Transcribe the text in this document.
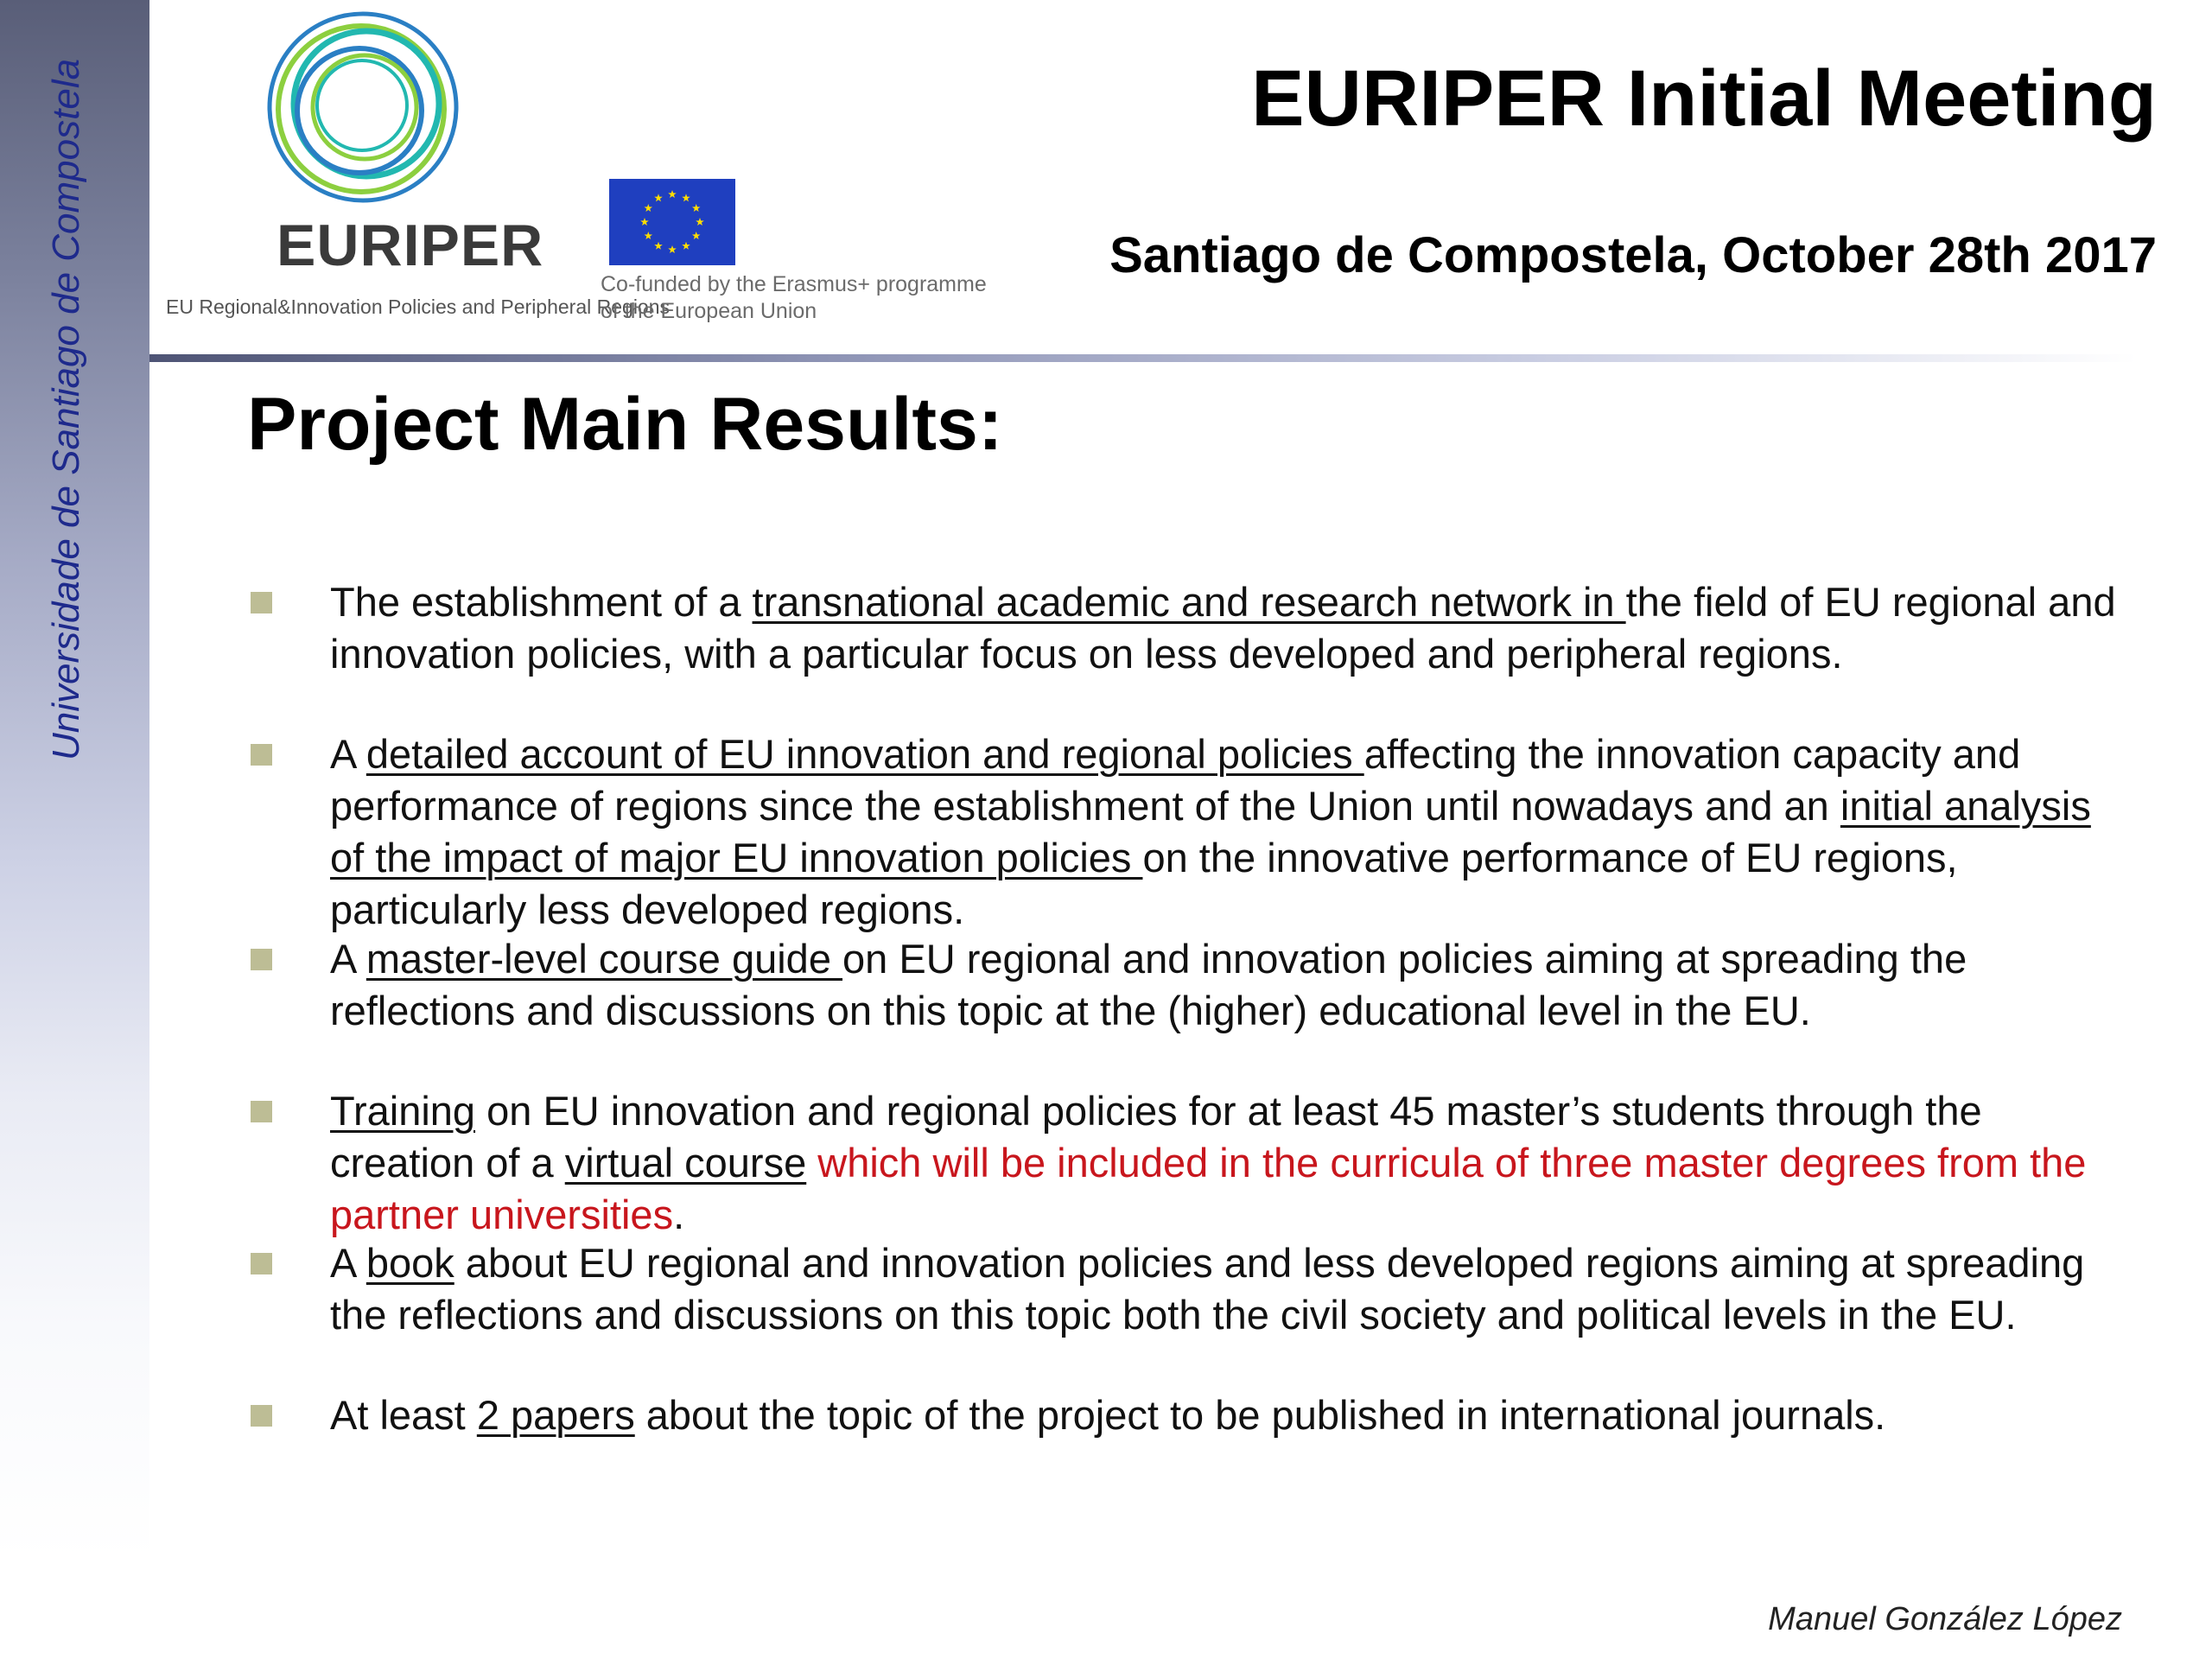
Universidade de Santiago de Compostela	EURIPER
EU Regional&Innovation Policies and Peripheral Regions
Co-funded by the Erasmus+ programme
of the European Union
EURIPER Initial Meeting
Santiago de Compostela, October 28th 2017
Project Main Results:
The establishment of a transnational academic and research network in the field of EU regional and innovation policies, with a particular focus on less developed and peripheral regions.
A detailed account of EU innovation and regional policies affecting the innovation capacity and performance of regions since the establishment of the Union until nowadays and an initial analysis of the impact of major EU innovation policies on the innovative performance of EU regions, particularly less developed regions.
A master-level course guide on EU regional and innovation policies aiming at spreading the reflections and discussions on this topic at the (higher) educational level in the EU.
Training on EU innovation and regional policies for at least 45 master’s students through the creation of a virtual course which will be included in the curricula of three master degrees from the partner universities.
A book about EU regional and innovation policies and less developed regions aiming at spreading the reflections and discussions on this topic both the civil society and political levels in the EU.
At least 2 papers about the topic of the project to be published in international journals.
Manuel González López
